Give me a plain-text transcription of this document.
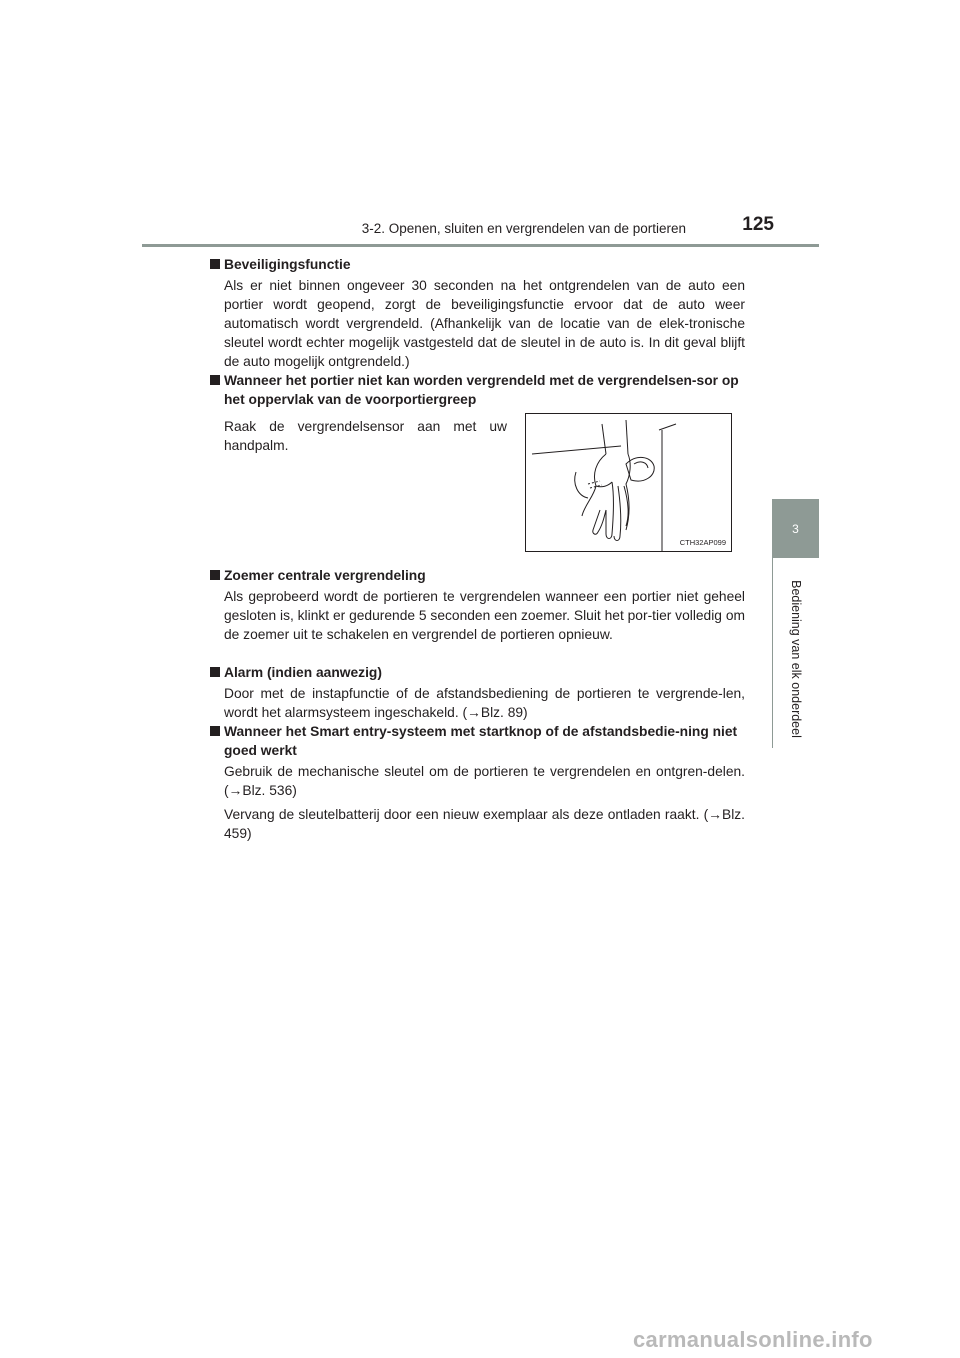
3-2. Openen, sluiten en vergrendelen van de portieren	125
3
Bediening van elk onderdeel
Beveiligingsfunctie
Als er niet binnen ongeveer 30 seconden na het ontgrendelen van de auto een portier wordt geopend, zorgt de beveiligingsfunctie ervoor dat de auto weer automatisch wordt vergrendeld. (Afhankelijk van de locatie van de elek-tronische sleutel wordt echter mogelijk vastgesteld dat de sleutel in de auto is. In dit geval blijft de auto mogelijk ontgrendeld.)
Wanneer het portier niet kan worden vergrendeld met de vergrendelsen-sor op het oppervlak van de voorportiergreep
Raak de vergrendelsensor aan met uw handpalm.
CTH32AP099
Zoemer centrale vergrendeling
Als geprobeerd wordt de portieren te vergrendelen wanneer een portier niet geheel gesloten is, klinkt er gedurende 5 seconden een zoemer. Sluit het por-tier volledig om de zoemer uit te schakelen en vergrendel de portieren opnieuw.
Alarm (indien aanwezig)
Door met de instapfunctie of de afstandsbediening de portieren te vergrende-len, wordt het alarmsysteem ingeschakeld. (→Blz. 89)
Wanneer het Smart entry-systeem met startknop of de afstandsbedie-ning niet goed werkt
Gebruik de mechanische sleutel om de portieren te vergrendelen en ontgren-delen. (→Blz. 536)
Vervang de sleutelbatterij door een nieuw exemplaar als deze ontladen raakt. (→Blz. 459)
carmanualsonline.info
